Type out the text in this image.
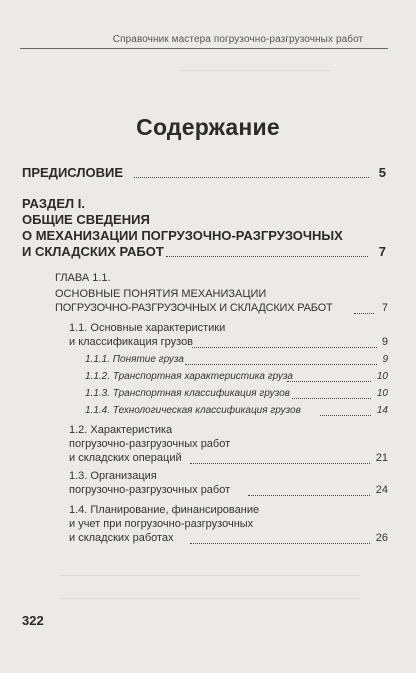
Справочник мастера погрузочно-разгрузочных работ
Содержание
ПРЕДИСЛОВИЕ	5
РАЗДЕЛ I.
ОБЩИЕ СВЕДЕНИЯ
О МЕХАНИЗАЦИИ ПОГРУЗОЧНО-РАЗГРУЗОЧНЫХ
И СКЛАДСКИХ РАБОТ	7
ГЛАВА 1.1.
ОСНОВНЫЕ ПОНЯТИЯ МЕХАНИЗАЦИИ
ПОГРУЗОЧНО-РАЗГРУЗОЧНЫХ И СКЛАДСКИХ РАБОТ	7
1.1. Основные характеристики
и классификация грузов	9
1.1.1. Понятие груза	9
1.1.2. Транспортная характеристика груза	10
1.1.3. Транспортная классификация грузов	10
1.1.4. Технологическая классификация грузов	14
1.2. Характеристика
погрузочно-разгрузочных работ
и складских операций	21
1.3. Организация
погрузочно-разгрузочных работ	24
1.4. Планирование, финансирование
и учет при погрузочно-разгрузочных
и складских работах	26
322
